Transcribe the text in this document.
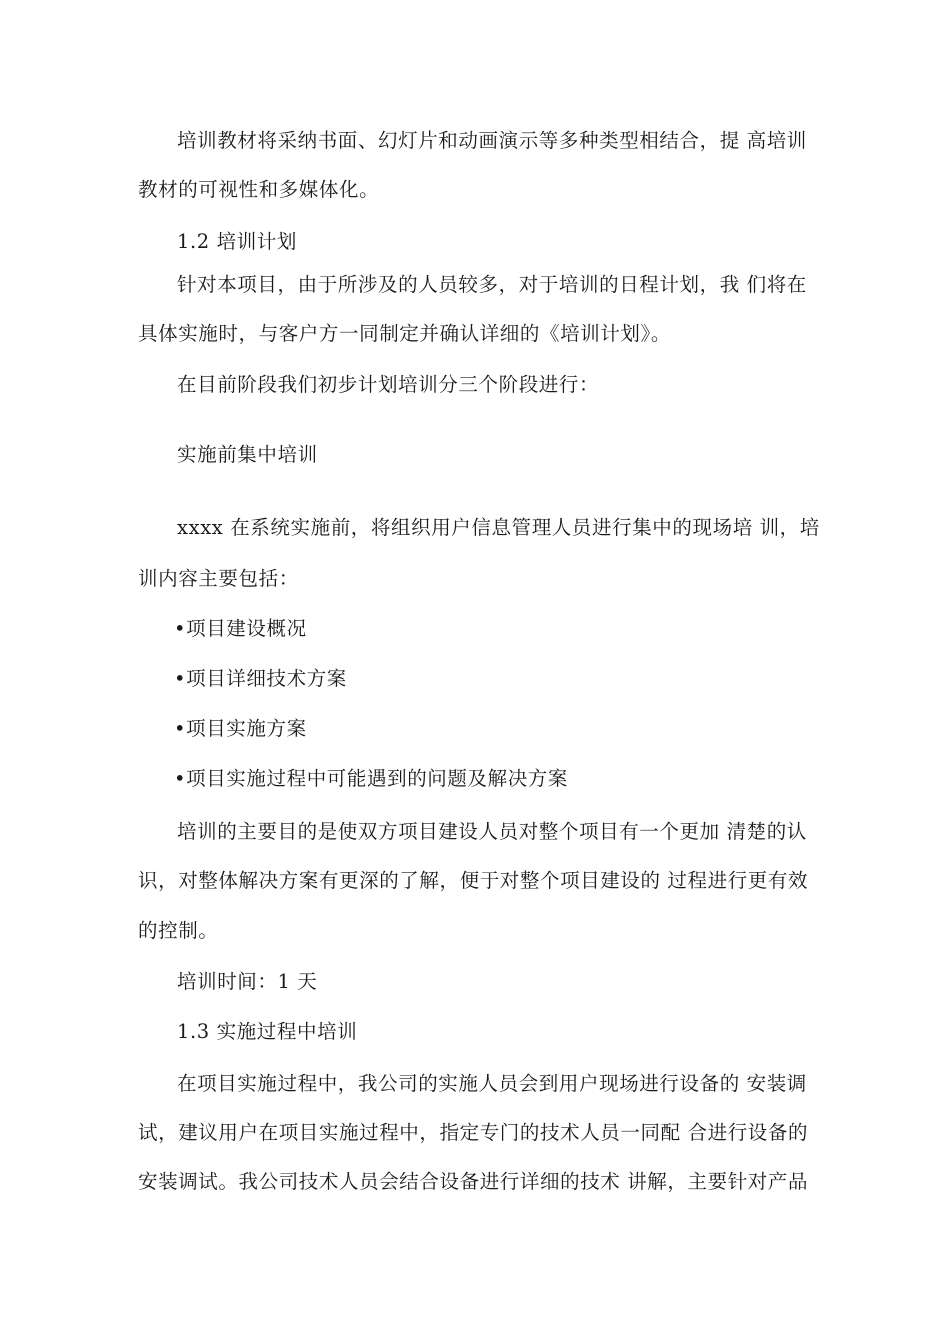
培训教材将采纳书面、幻灯片和动画演示等多种类型相结合，提 高培训
教材的可视性和多媒体化。
1.2 培训计划
针对本项目，由于所涉及的人员较多，对于培训的日程计划，我 们将在
具体实施时，与客户方一同制定并确认详细的《培训计划》。
在目前阶段我们初步计划培训分三个阶段进行：
实施前集中培训
xxxx 在系统实施前，将组织用户信息管理人员进行集中的现场培 训，培
训内容主要包括：
•项目建设概况
•项目详细技术方案
•项目实施方案
•项目实施过程中可能遇到的问题及解决方案
培训的主要目的是使双方项目建设人员对整个项目有一个更加 清楚的认
识，对整体解决方案有更深的了解，便于对整个项目建设的 过程进行更有效
的控制。
培训时间：1 天
1.3 实施过程中培训
在项目实施过程中，我公司的实施人员会到用户现场进行设备的 安装调
试，建议用户在项目实施过程中，指定专门的技术人员一同配 合进行设备的
安装调试。我公司技术人员会结合设备进行详细的技术 讲解，主要针对产品
